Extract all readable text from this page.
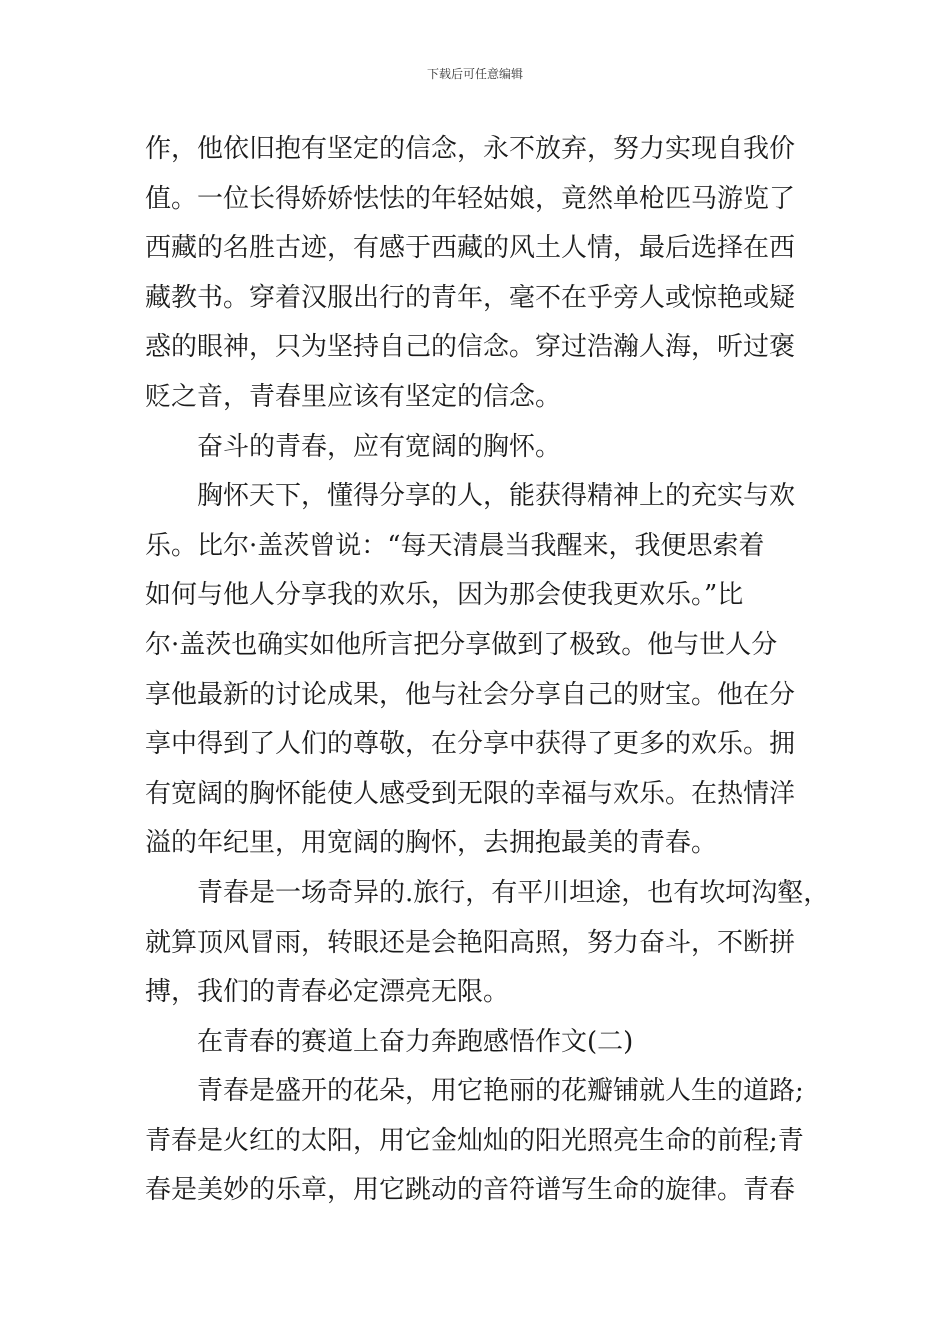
下载后可任意编辑
作，他依旧抱有坚定的信念，永不放弃，努力实现自我价
值。一位长得娇娇怯怯的年轻姑娘，竟然单枪匹马游览了
西藏的名胜古迹，有感于西藏的风土人情，最后选择在西
藏教书。穿着汉服出行的青年，毫不在乎旁人或惊艳或疑
惑的眼神，只为坚持自己的信念。穿过浩瀚人海，听过褒
贬之音，青春里应该有坚定的信念。
奋斗的青春，应有宽阔的胸怀。
胸怀天下，懂得分享的人，能获得精神上的充实与欢
乐。比尔·盖茨曾说：“每天清晨当我醒来，我便思索着
如何与他人分享我的欢乐，因为那会使我更欢乐。”比
尔·盖茨也确实如他所言把分享做到了极致。他与世人分
享他最新的讨论成果，他与社会分享自己的财宝。他在分
享中得到了人们的尊敬，在分享中获得了更多的欢乐。拥
有宽阔的胸怀能使人感受到无限的幸福与欢乐。在热情洋
溢的年纪里，用宽阔的胸怀，去拥抱最美的青春。
青春是一场奇异的.旅行，有平川坦途，也有坎坷沟壑，
就算顶风冒雨，转眼还是会艳阳高照，努力奋斗，不断拼
搏，我们的青春必定漂亮无限。
在青春的赛道上奋力奔跑感悟作文(二)
青春是盛开的花朵，用它艳丽的花瓣铺就人生的道路;
青春是火红的太阳，用它金灿灿的阳光照亮生命的前程;青
春是美妙的乐章，用它跳动的音符谱写生命的旋律。青春
